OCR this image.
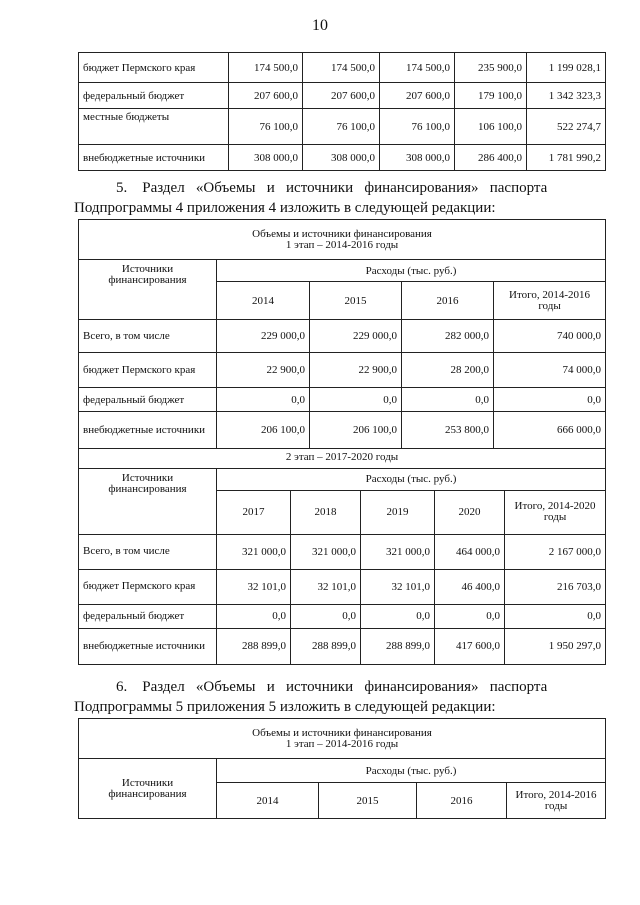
10
бюджет Пермского края	174 500,0	174 500,0	174 500,0	235 900,0	1 199 028,1
федеральный бюджет	207 600,0	207 600,0	207 600,0	179 100,0	1 342 323,3
местные бюджеты	76 100,0	76 100,0	76 100,0	106 100,0	522 274,7
внебюджетные источники	308 000,0	308 000,0	308 000,0	286 400,0	1 781 990,2
5.    Раздел   «Объемы   и   источники   финансирования»   паспорта
Подпрограммы 4 приложения 4 изложить в следующей редакции:
Объемы и источники финансирования
1 этап – 2014-2016 годы				

Источники финансирования	Расходы (тыс. руб.)			
	2014	2015	2016	Итого, 2014-2016 годы
Всего, в том числе	229 000,0	229 000,0	282 000,0	740 000,0
бюджет Пермского края	22 900,0	22 900,0	28 200,0	74 000,0
федеральный бюджет	0,0	0,0	0,0	0,0
внебюджетные источники	206 100,0	206 100,0	253 800,0	666 000,0
2 этап – 2017-2020 годы					
Источники финансирования	Расходы (тыс. руб.)				
	2017	2018	2019	2020	Итого, 2014-2020 годы
Всего, в том числе	321 000,0	321 000,0	321 000,0	464 000,0	2 167 000,0
бюджет Пермского края	32 101,0	32 101,0	32 101,0	46 400,0	216 703,0
федеральный бюджет	0,0	0,0	0,0	0,0	0,0
внебюджетные источники	288 899,0	288 899,0	288 899,0	417 600,0	1 950 297,0
6.    Раздел   «Объемы   и   источники   финансирования»   паспорта
Подпрограммы 5 приложения 5 изложить в следующей редакции:
Объемы и источники финансирования
1 этап – 2014-2016 годы				

Источники финансирования	Расходы (тыс. руб.)			
	2014	2015	2016	Итого, 2014-2016 годы
